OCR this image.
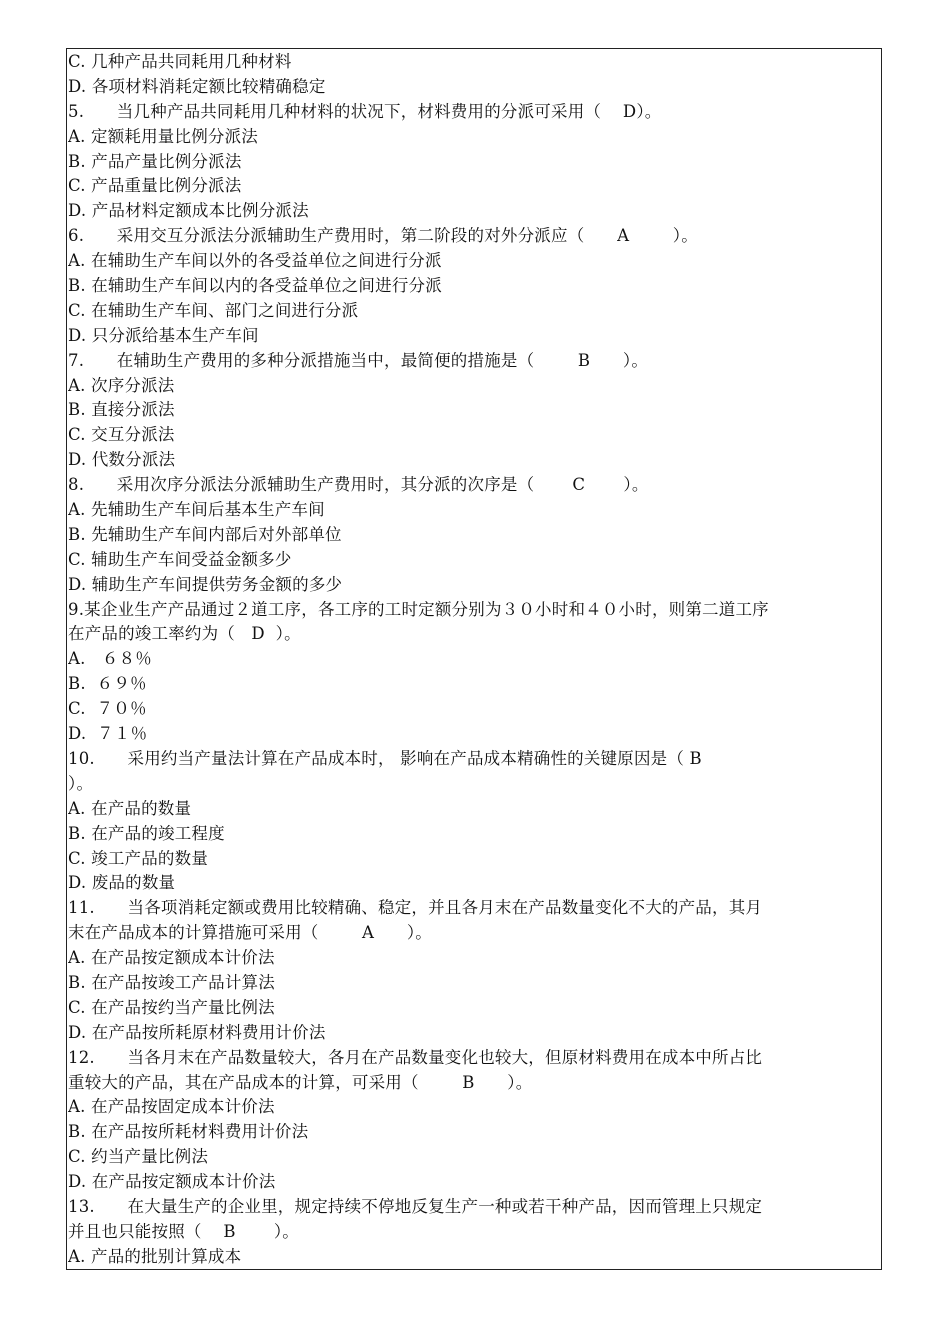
C. 几种产品共同耗用几种材料
D. 各项材料消耗定额比较精确稳定
5.      当几种产品共同耗用几种材料的状况下，材料费用的分派可采用（    D）。
A. 定额耗用量比例分派法
B. 产品产量比例分派法
C. 产品重量比例分派法
D. 产品材料定额成本比例分派法
6.      采用交互分派法分派辅助生产费用时，第二阶段的对外分派应（      A        ）。
A. 在辅助生产车间以外的各受益单位之间进行分派
B. 在辅助生产车间以内的各受益单位之间进行分派
C. 在辅助生产车间、部门之间进行分派
D. 只分派给基本生产车间
7.      在辅助生产费用的多种分派措施当中，最简便的措施是（        B      ）。
A. 次序分派法
B. 直接分派法
C. 交互分派法
D. 代数分派法
8.      采用次序分派法分派辅助生产费用时，其分派的次序是（       C       ）。
A. 先辅助生产车间后基本生产车间
B. 先辅助生产车间内部后对外部单位
C. 辅助生产车间受益金额多少
D. 辅助生产车间提供劳务金额的多少
9.某企业生产产品通过２道工序，各工序的工时定额分别为３０小时和４０小时，则第二道工序
在产品的竣工率约为（   D  ）。
A.   ６８％
B.  ６９％
C.  ７０％
D.  ７１％
10.      采用约当产量法计算在产品成本时， 影响在产品成本精确性的关键原因是（ B
）。
A. 在产品的数量
B. 在产品的竣工程度
C. 竣工产品的数量
D. 废品的数量
11.      当各项消耗定额或费用比较精确、稳定，并且各月末在产品数量变化不大的产品，其月
末在产品成本的计算措施可采用（        A      ）。
A. 在产品按定额成本计价法
B. 在产品按竣工产品计算法
C. 在产品按约当产量比例法
D. 在产品按所耗原材料费用计价法
12.      当各月末在产品数量较大，各月在产品数量变化也较大，但原材料费用在成本中所占比
重较大的产品，其在产品成本的计算，可采用（        B      ）。
A. 在产品按固定成本计价法
B. 在产品按所耗材料费用计价法
C. 约当产量比例法
D. 在产品按定额成本计价法
13.      在大量生产的企业里，规定持续不停地反复生产一种或若干种产品，因而管理上只规定
并且也只能按照（    B       ）。
A. 产品的批别计算成本
